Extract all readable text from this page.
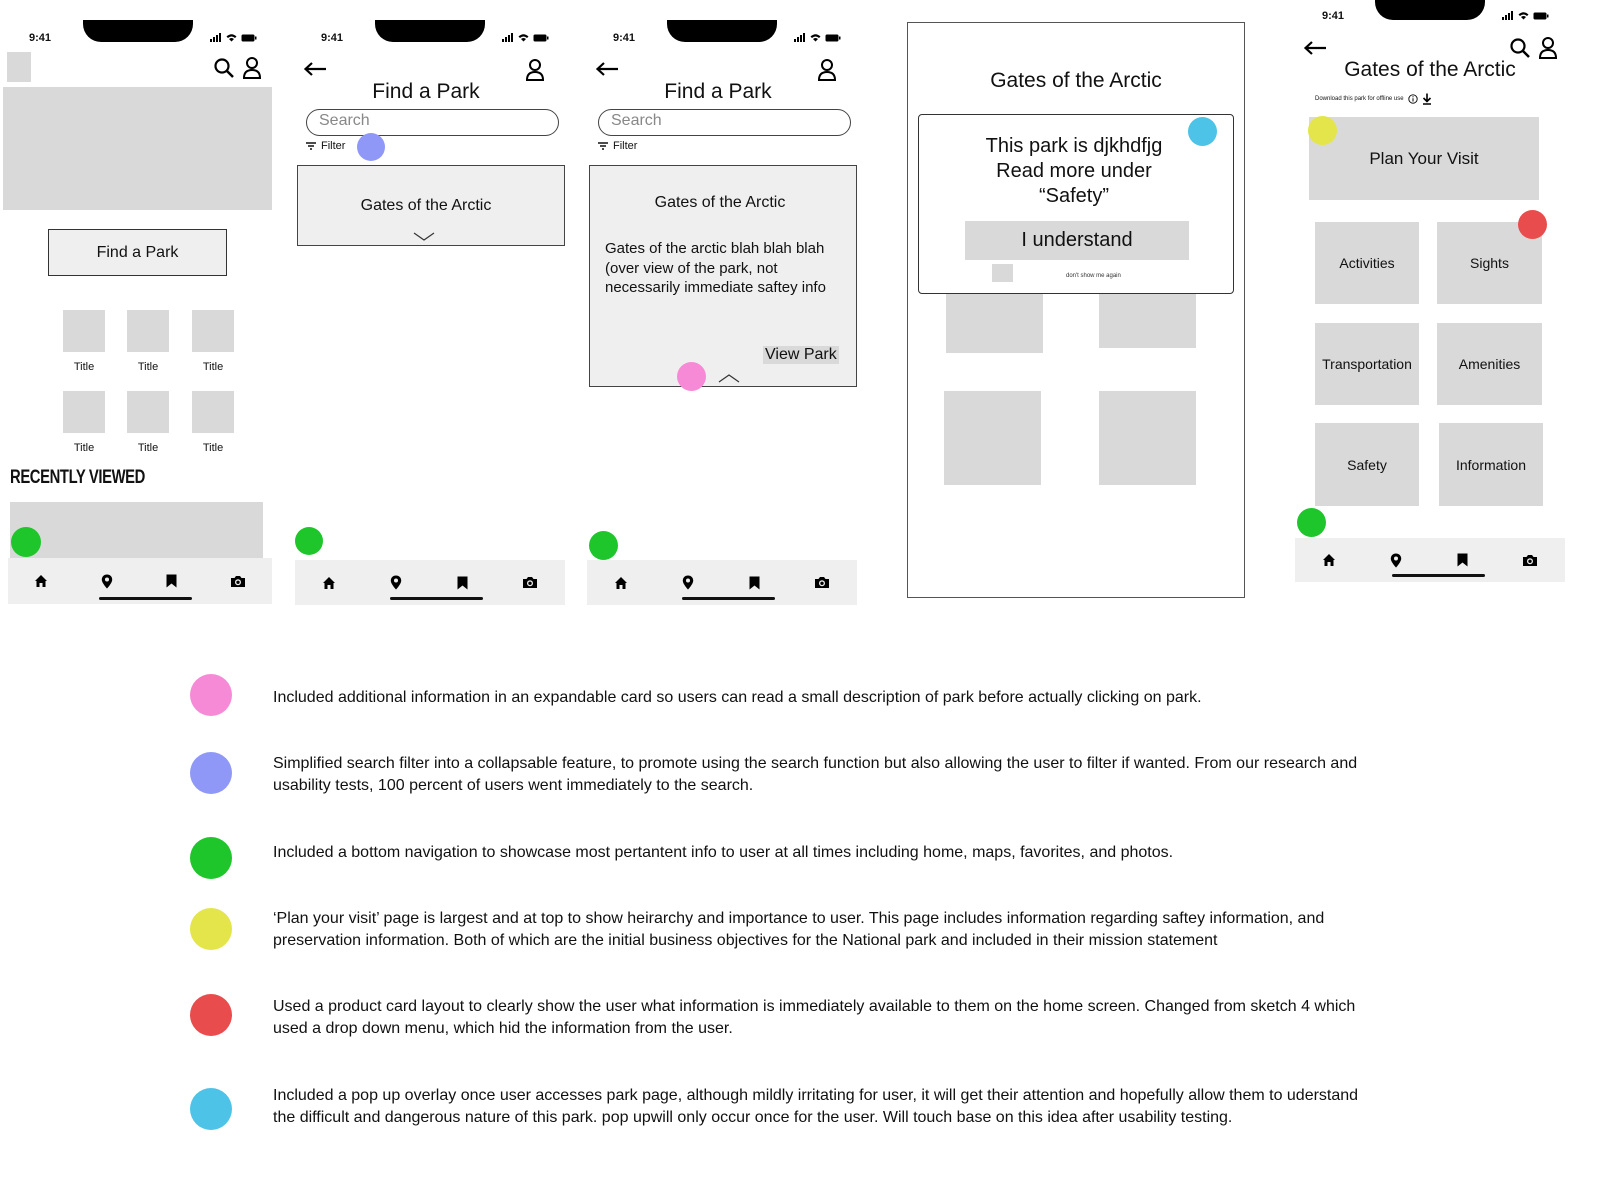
9:41
Find a Park
Title	Title	Title
Title	Title	Title
RECENTLY VIEWED
9:41
Find a Park
Search
Filter
Gates of the Arctic
9:41
Find a Park
Search
Filter
Gates of the Arctic
Gates of the arctic blah blah blah (over view of the park, not necessarily immediate saftey info
View Park
Gates of the Arctic
This park is djkhdfjg Read more under “Safety”
I understand
don't show me again
9:41
Gates of the Arctic
Download this park for offline use
Plan Your Visit
Activities	Sights
Transportation	Amenities
Safety	Information
Included additional information in an expandable card so users can read a small description of park before actually clicking on park.
Simplified search filter into a collapsable feature, to promote using the search function but also allowing the user to filter if wanted. From our research and usability tests, 100 percent of users went immediately to the search.
Included a bottom navigation to showcase most pertantent info to user at all times including home, maps, favorites, and photos.
‘Plan your visit’ page is largest and at top to show heirarchy and importance to user. This page includes information regarding saftey information, and preservation information. Both of which are the initial business objectives for the National park and included in their mission statement
Used a product card layout to clearly show the user what information is immediately available to them on the home screen. Changed from sketch 4 which used a drop down menu, which hid the information from the user.
Included a pop up overlay once user accesses park page, although mildly irritating for user, it will get their attention and hopefully allow them to uderstand the difficult and dangerous nature of this park. pop upwill only occur once for the user. Will touch base on this idea after usability testing.
